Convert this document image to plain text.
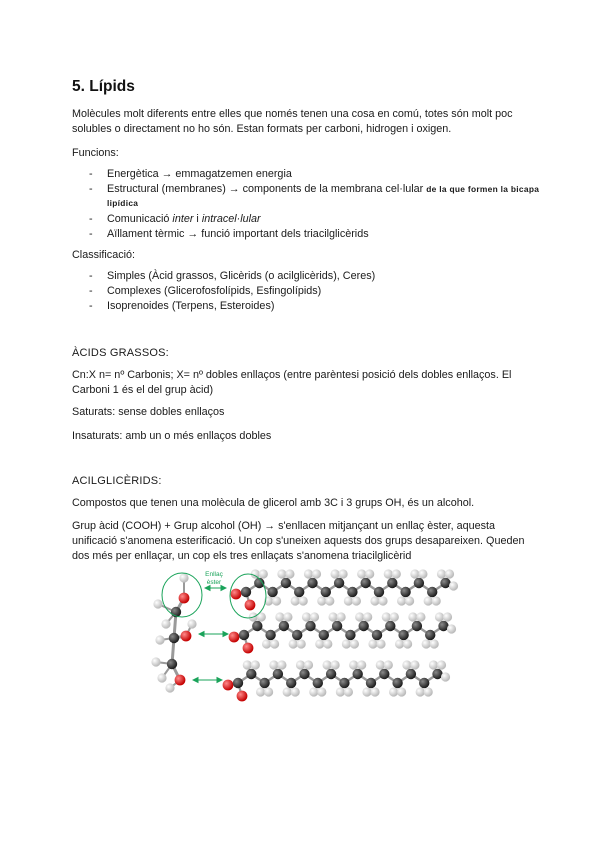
5. Lípids

Molècules molt diferents entre elles que només tenen una cosa en comú, totes són molt poc solubles o directament no ho són. Estan formats per carboni, hidrogen i oxigen.

Funcions:

- Energètica → emmagatzemen energia
- Estructural (membranes) → components de la membrana cel·lular de la que formen la bicapa lipídica
- Comunicació inter i intracel·lular
- Aïllament tèrmic → funció important dels triacilglicèrids

Classificació:

- Simples (Àcid grassos, Glicèrids (o acilglicèrids), Ceres)
- Complexes (Glicerofosfolípids, Esfingolípids)
- Isoprenoides (Terpens, Esteroides)

ÀCIDS GRASSOS:

Cn:X n= nº Carbonis; X= nº dobles enllaços (entre parèntesi posició dels dobles enllaços. El Carboni 1 és el del grup àcid)

Saturats: sense dobles enllaços

Insaturats: amb un o més enllaços dobles

ACILGLICÈRIDS:

Compostos que tenen una molècula de glicerol amb 3C i 3 grups OH, és un alcohol.

Grup àcid (COOH) + Grup alcohol (OH) → s'enllacen mitjançant un enllaç èster, aquesta unificació s'anomena esterificació. Un cop s'uneixen aquests dos grups desapareixen. Queden dos més per enllaçar, un cop els tres enllaçats s'anomena triacilglicèrid

Enllaç
èster
